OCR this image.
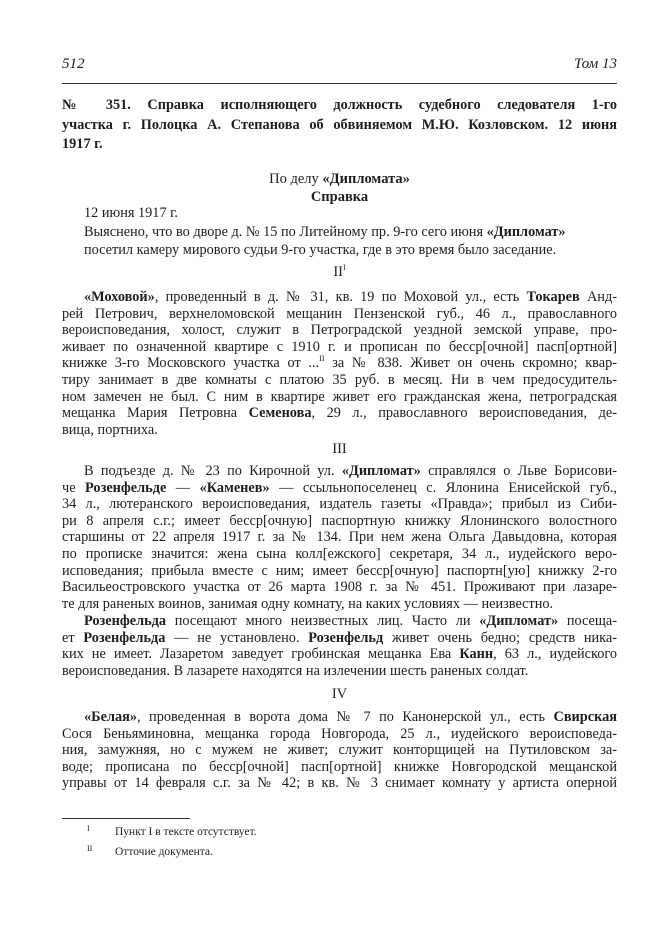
512	Том 13
№ 351. Справка исполняющего должность судебного следователя 1-го
участка г. Полоцка А. Степанова об обвиняемом М.Ю. Козловском. 12 июня
1917 г.
По делу «Дипломата»
Справка
12 июня 1917 г.
Выяснено, что во дворе д. № 15 по Литейному пр. 9-го сего июня «Дипломат»
посетил камеру мирового судьи 9-го участка, где в это время было заседание.
$II^I$
«Моховой», проведенный в д. № 31, кв. 19 по Моховой ул., есть Токарев Анд-
рей Петрович, верхнеломовской мещанин Пензенской губ., 46 л., православного
вероисповедания, холост, служит в Петроградской уездной земской управе, про-
живает по означенной квартире с 1910 г. и прописан по бесср[очной] пасп[ортной]
книжке 3-го Московского участка от ...$^{II}$ за № 838. Живет он очень скромно; квар-
тиру занимает в две комнаты с платою 35 руб. в месяц. Ни в чем предосудитель-
ном замечен не был. С ним в квартире живет его гражданская жена, петроградская
мещанка Мария Петровна Семенова, 29 л., православного вероисповедания, де-
вица, портниха.
III
В подъезде д. № 23 по Кирочной ул. «Дипломат» справлялся о Льве Борисови-
че Розенфельде — «Каменев» — ссыльнопоселенец с. Ялонина Енисейской губ.,
34 л., лютеранского вероисповедания, издатель газеты «Правда»; прибыл из Сиби-
ри 8 апреля с.г.; имеет бесср[очную] паспортную книжку Ялонинского волостного
старшины от 22 апреля 1917 г. за № 134. При нем жена Ольга Давыдовна, которая
по прописке значится: жена сына колл[ежского] секретаря, 34 л., иудейского веро-
исповедания; прибыла вместе с ним; имеет бесср[очную] паспортн[ую] книжку 2-го
Васильеостровского участка от 26 марта 1908 г. за № 451. Проживают при лазаре-
те для раненых воинов, занимая одну комнату, на каких условиях — неизвестно.
Розенфельда посещают много неизвестных лиц. Часто ли «Дипломат» посеща-
ет Розенфельда — не установлено. Розенфельд живет очень бедно; средств ника-
ких не имеет. Лазаретом заведует гробинская мещанка Ева Канн, 63 л., иудейского
вероисповедания. В лазарете находятся на излечении шесть раненых солдат.
IV
«Белая», проведенная в ворота дома № 7 по Канонерской ул., есть Свирская
Сося Беньяминовна, мещанка города Новгорода, 25 л., иудейского вероисповеда-
ния, замужняя, но с мужем не живет; служит конторщицей на Путиловском за-
воде; прописана по бесср[очной] пасп[ортной] книжке Новгородской мещанской
управы от 14 февраля с.г. за № 42; в кв. № 3 снимает комнату у артиста оперной
I Пункт I в тексте отсутствует.
II Отточие документа.
